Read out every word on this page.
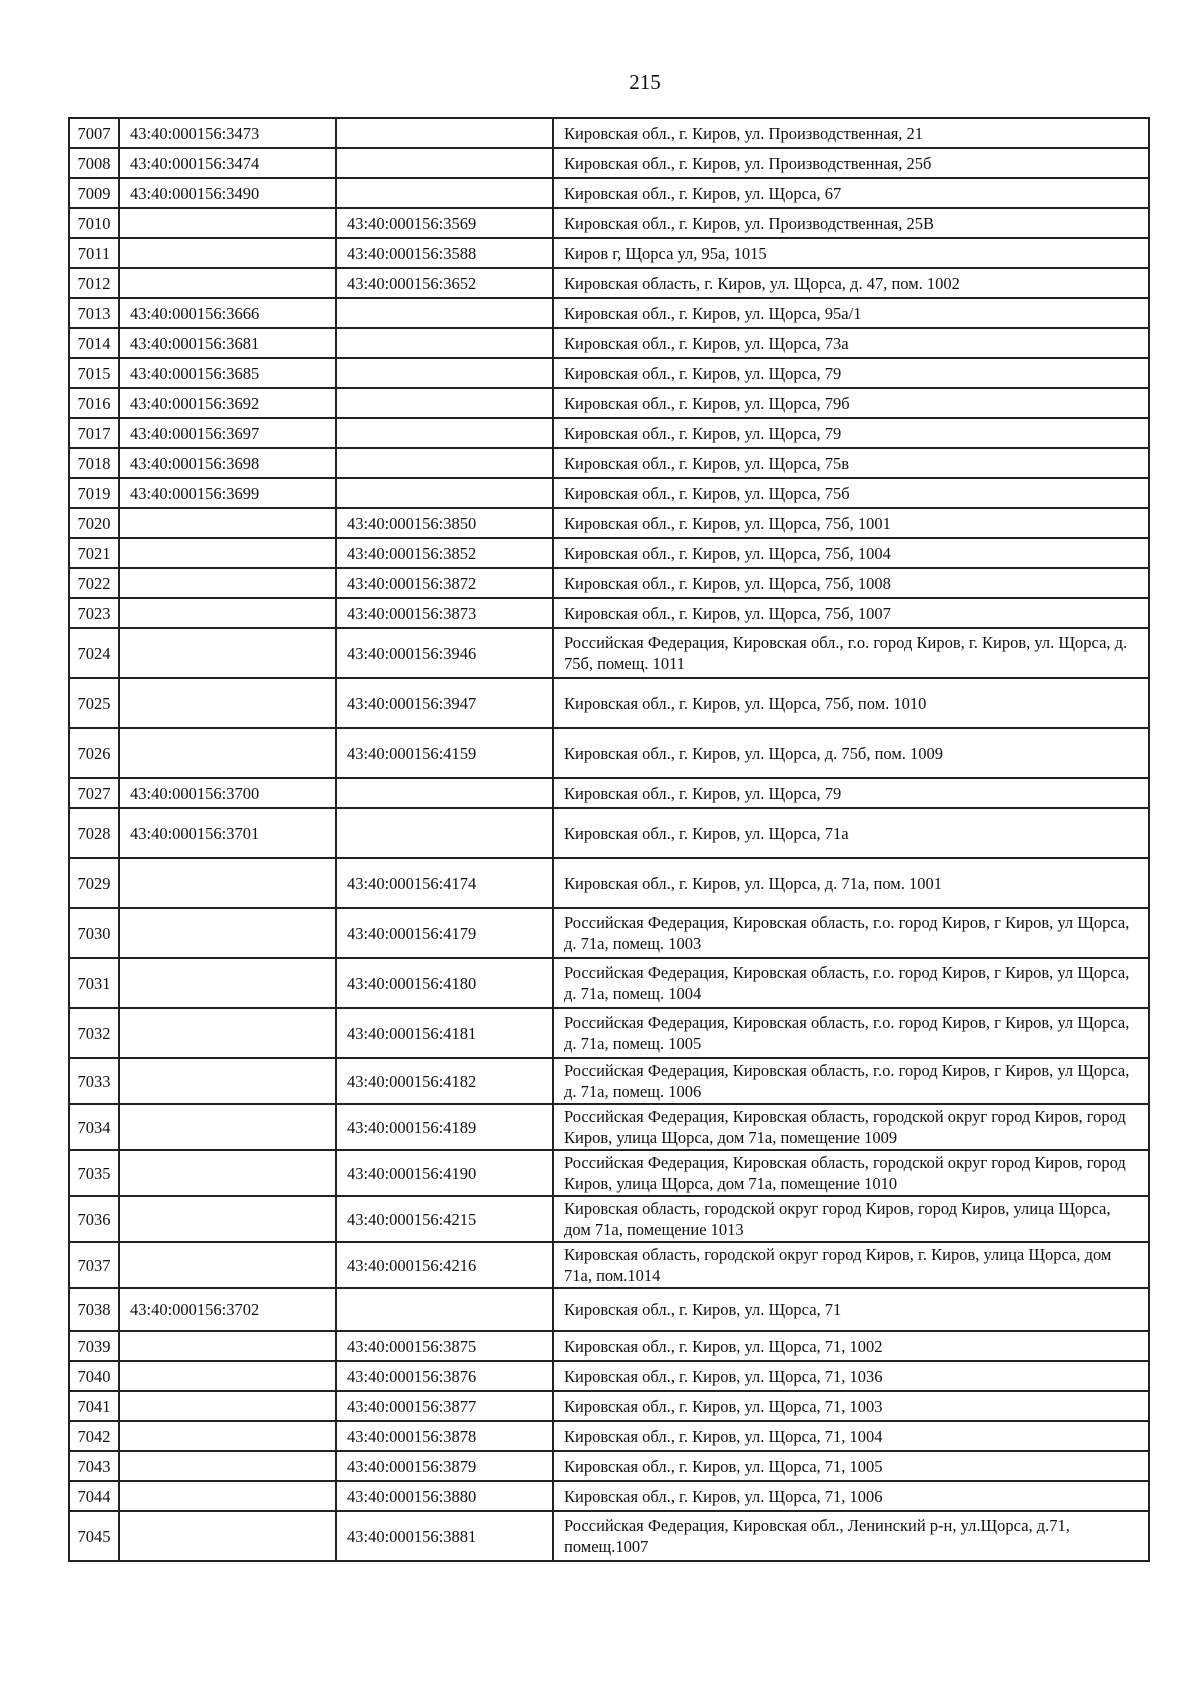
215
7007	43:40:000156:3473		Кировская обл., г. Киров, ул. Производственная, 21
7008	43:40:000156:3474		Кировская обл., г. Киров, ул. Производственная, 25б
7009	43:40:000156:3490		Кировская обл., г. Киров, ул. Щорса, 67
7010		43:40:000156:3569	Кировская обл., г. Киров, ул. Производственная, 25В
7011		43:40:000156:3588	Киров г, Щорса ул, 95а, 1015
7012		43:40:000156:3652	Кировская область, г. Киров, ул. Щорса, д. 47, пом. 1002
7013	43:40:000156:3666		Кировская обл., г. Киров, ул. Щорса, 95а/1
7014	43:40:000156:3681		Кировская обл., г. Киров, ул. Щорса, 73а
7015	43:40:000156:3685		Кировская обл., г. Киров, ул. Щорса, 79
7016	43:40:000156:3692		Кировская обл., г. Киров, ул. Щорса, 79б
7017	43:40:000156:3697		Кировская обл., г. Киров, ул. Щорса, 79
7018	43:40:000156:3698		Кировская обл., г. Киров, ул. Щорса, 75в
7019	43:40:000156:3699		Кировская обл., г. Киров, ул. Щорса, 75б
7020		43:40:000156:3850	Кировская обл., г. Киров, ул. Щорса, 75б, 1001
7021		43:40:000156:3852	Кировская обл., г. Киров, ул. Щорса, 75б, 1004
7022		43:40:000156:3872	Кировская обл., г. Киров, ул. Щорса, 75б, 1008
7023		43:40:000156:3873	Кировская обл., г. Киров, ул. Щорса, 75б, 1007
7024		43:40:000156:3946	Российская Федерация, Кировская обл., г.о. город Киров, г. Киров, ул. Щорса, д. 75б, помещ. 1011
7025		43:40:000156:3947	Кировская обл., г. Киров, ул. Щорса, 75б, пом. 1010
7026		43:40:000156:4159	Кировская обл., г. Киров, ул. Щорса, д. 75б, пом. 1009
7027	43:40:000156:3700		Кировская обл., г. Киров, ул. Щорса, 79
7028	43:40:000156:3701		Кировская обл., г. Киров, ул. Щорса, 71а
7029		43:40:000156:4174	Кировская обл., г. Киров, ул. Щорса, д. 71а, пом. 1001
7030		43:40:000156:4179	Российская Федерация, Кировская область, г.о. город Киров, г Киров, ул Щорса, д. 71а, помещ. 1003
7031		43:40:000156:4180	Российская Федерация, Кировская область, г.о. город Киров, г Киров, ул Щорса, д. 71а, помещ. 1004
7032		43:40:000156:4181	Российская Федерация, Кировская область, г.о. город Киров, г Киров, ул Щорса, д. 71а, помещ. 1005
7033		43:40:000156:4182	Российская Федерация, Кировская область, г.о. город Киров, г Киров, ул Щорса, д. 71а, помещ. 1006
7034		43:40:000156:4189	Российская Федерация, Кировская область, городской округ город Киров, город Киров, улица Щорса, дом 71а, помещение 1009
7035		43:40:000156:4190	Российская Федерация, Кировская область, городской округ город Киров, город Киров, улица Щорса, дом 71а, помещение 1010
7036		43:40:000156:4215	Кировская область, городской округ город Киров, город Киров, улица Щорса, дом 71а, помещение 1013
7037		43:40:000156:4216	Кировская область, городской округ город Киров, г. Киров, улица Щорса, дом 71а, пом.1014
7038	43:40:000156:3702		Кировская обл., г. Киров, ул. Щорса, 71
7039		43:40:000156:3875	Кировская обл., г. Киров, ул. Щорса, 71, 1002
7040		43:40:000156:3876	Кировская обл., г. Киров, ул. Щорса, 71, 1036
7041		43:40:000156:3877	Кировская обл., г. Киров, ул. Щорса, 71, 1003
7042		43:40:000156:3878	Кировская обл., г. Киров, ул. Щорса, 71, 1004
7043		43:40:000156:3879	Кировская обл., г. Киров, ул. Щорса, 71, 1005
7044		43:40:000156:3880	Кировская обл., г. Киров, ул. Щорса, 71, 1006
7045		43:40:000156:3881	Российская Федерация, Кировская обл., Ленинский р-н, ул.Щорса, д.71, помещ.1007
